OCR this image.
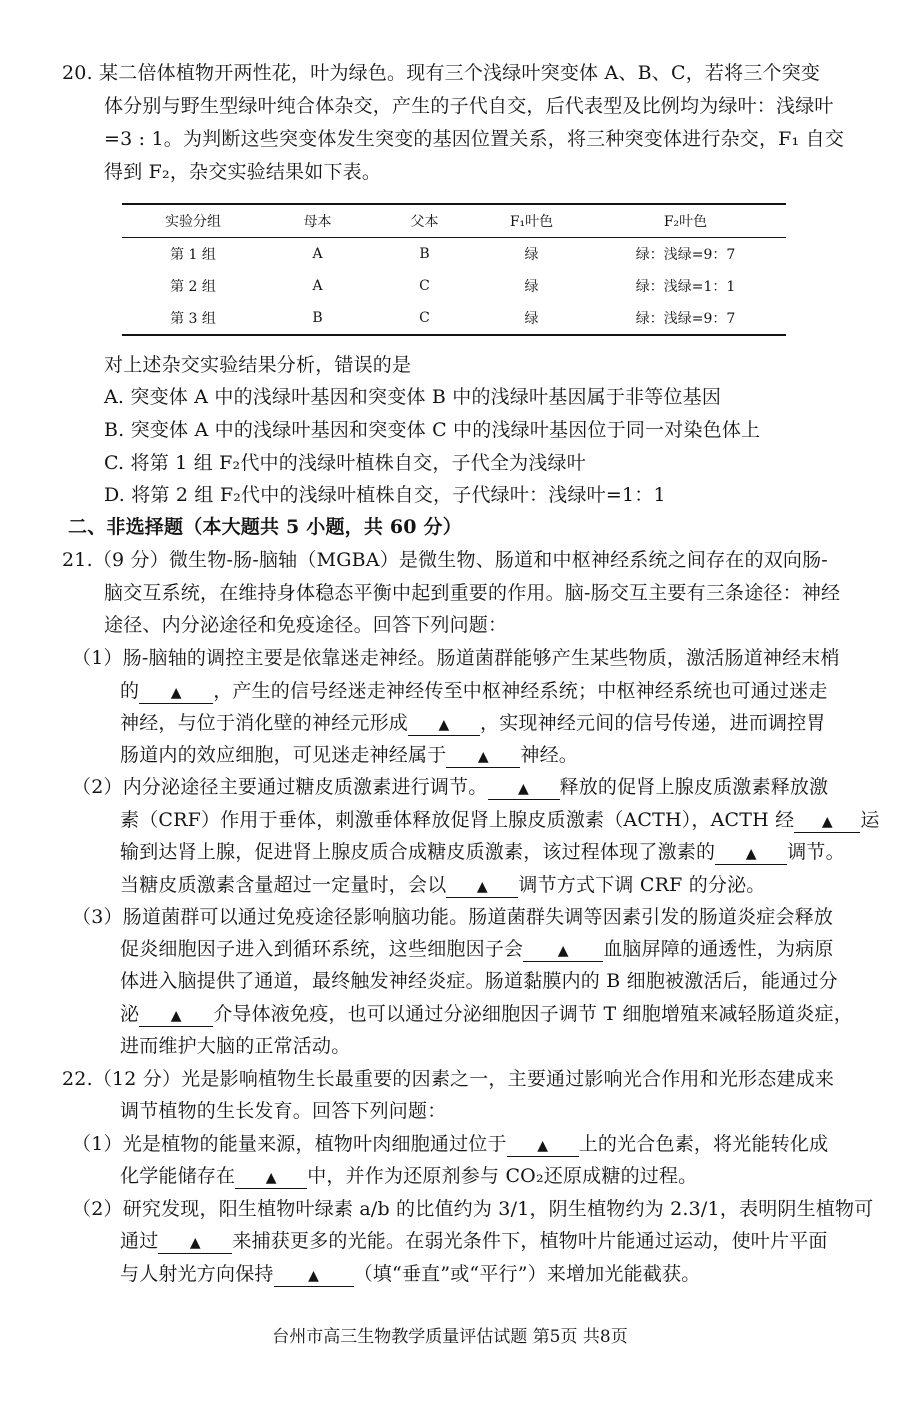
20. 某二倍体植物开两性花，叶为绿色。现有三个浅绿叶突变体 A、B、C，若将三个突变
体分别与野生型绿叶纯合体杂交，产生的子代自交，后代表型及比例均为绿叶：浅绿叶
=3 : 1。为判断这些突变体发生突变的基因位置关系，将三种突变体进行杂交，F₁ 自交
得到 F₂，杂交实验结果如下表。
实验分组	母本	父本	F₁叶色	F₂叶色
第 1 组	A	B	绿	绿：浅绿=9：7
第 2 组	A	C	绿	绿：浅绿=1：1
第 3 组	B	C	绿	绿：浅绿=9：7
对上述杂交实验结果分析，错误的是
A. 突变体 A 中的浅绿叶基因和突变体 B 中的浅绿叶基因属于非等位基因
B. 突变体 A 中的浅绿叶基因和突变体 C 中的浅绿叶基因位于同一对染色体上
C. 将第 1 组 F₂代中的浅绿叶植株自交，子代全为浅绿叶
D. 将第 2 组 F₂代中的浅绿叶植株自交，子代绿叶：浅绿叶=1：1
二、非选择题（本大题共 5 小题，共 60 分）
21.（9 分）微生物-肠-脑轴（MGBA）是微生物、肠道和中枢神经系统之间存在的双向肠-
脑交互系统，在维持身体稳态平衡中起到重要的作用。脑-肠交互主要有三条途径：神经
途径、内分泌途径和免疫途径。回答下列问题：
（1）肠-脑轴的调控主要是依靠迷走神经。肠道菌群能够产生某些物质，激活肠道神经末梢
的 ▲ ，产生的信号经迷走神经传至中枢神经系统；中枢神经系统也可通过迷走
神经，与位于消化壁的神经元形成 ▲ ，实现神经元间的信号传递，进而调控胃
肠道内的效应细胞，可见迷走神经属于 ▲ 神经。
（2）内分泌途径主要通过糖皮质激素进行调节。 ▲ 释放的促肾上腺皮质激素释放激
素（CRF）作用于垂体，刺激垂体释放促肾上腺皮质激素（ACTH），ACTH 经 ▲ 运
输到达肾上腺，促进肾上腺皮质合成糖皮质激素，该过程体现了激素的 ▲ 调节。
当糖皮质激素含量超过一定量时，会以 ▲ 调节方式下调 CRF 的分泌。
（3）肠道菌群可以通过免疫途径影响脑功能。肠道菌群失调等因素引发的肠道炎症会释放
促炎细胞因子进入到循环系统，这些细胞因子会 ▲ 血脑屏障的通透性，为病原
体进入脑提供了通道，最终触发神经炎症。肠道黏膜内的 B 细胞被激活后，能通过分
泌 ▲ 介导体液免疫，也可以通过分泌细胞因子调节 T 细胞增殖来减轻肠道炎症，
进而维护大脑的正常活动。
22.（12 分）光是影响植物生长最重要的因素之一，主要通过影响光合作用和光形态建成来
调节植物的生长发育。回答下列问题：
（1）光是植物的能量来源，植物叶肉细胞通过位于 ▲ 上的光合色素，将光能转化成
化学能储存在 ▲ 中，并作为还原剂参与 CO₂还原成糖的过程。
（2）研究发现，阳生植物叶绿素 a/b 的比值约为 3/1，阴生植物约为 2.3/1，表明阴生植物可
通过 ▲ 来捕获更多的光能。在弱光条件下，植物叶片能通过运动，使叶片平面
与人射光方向保持 ▲ （填“垂直”或“平行”）来增加光能截获。
台州市高三生物教学质量评估试题 第5页 共8页
